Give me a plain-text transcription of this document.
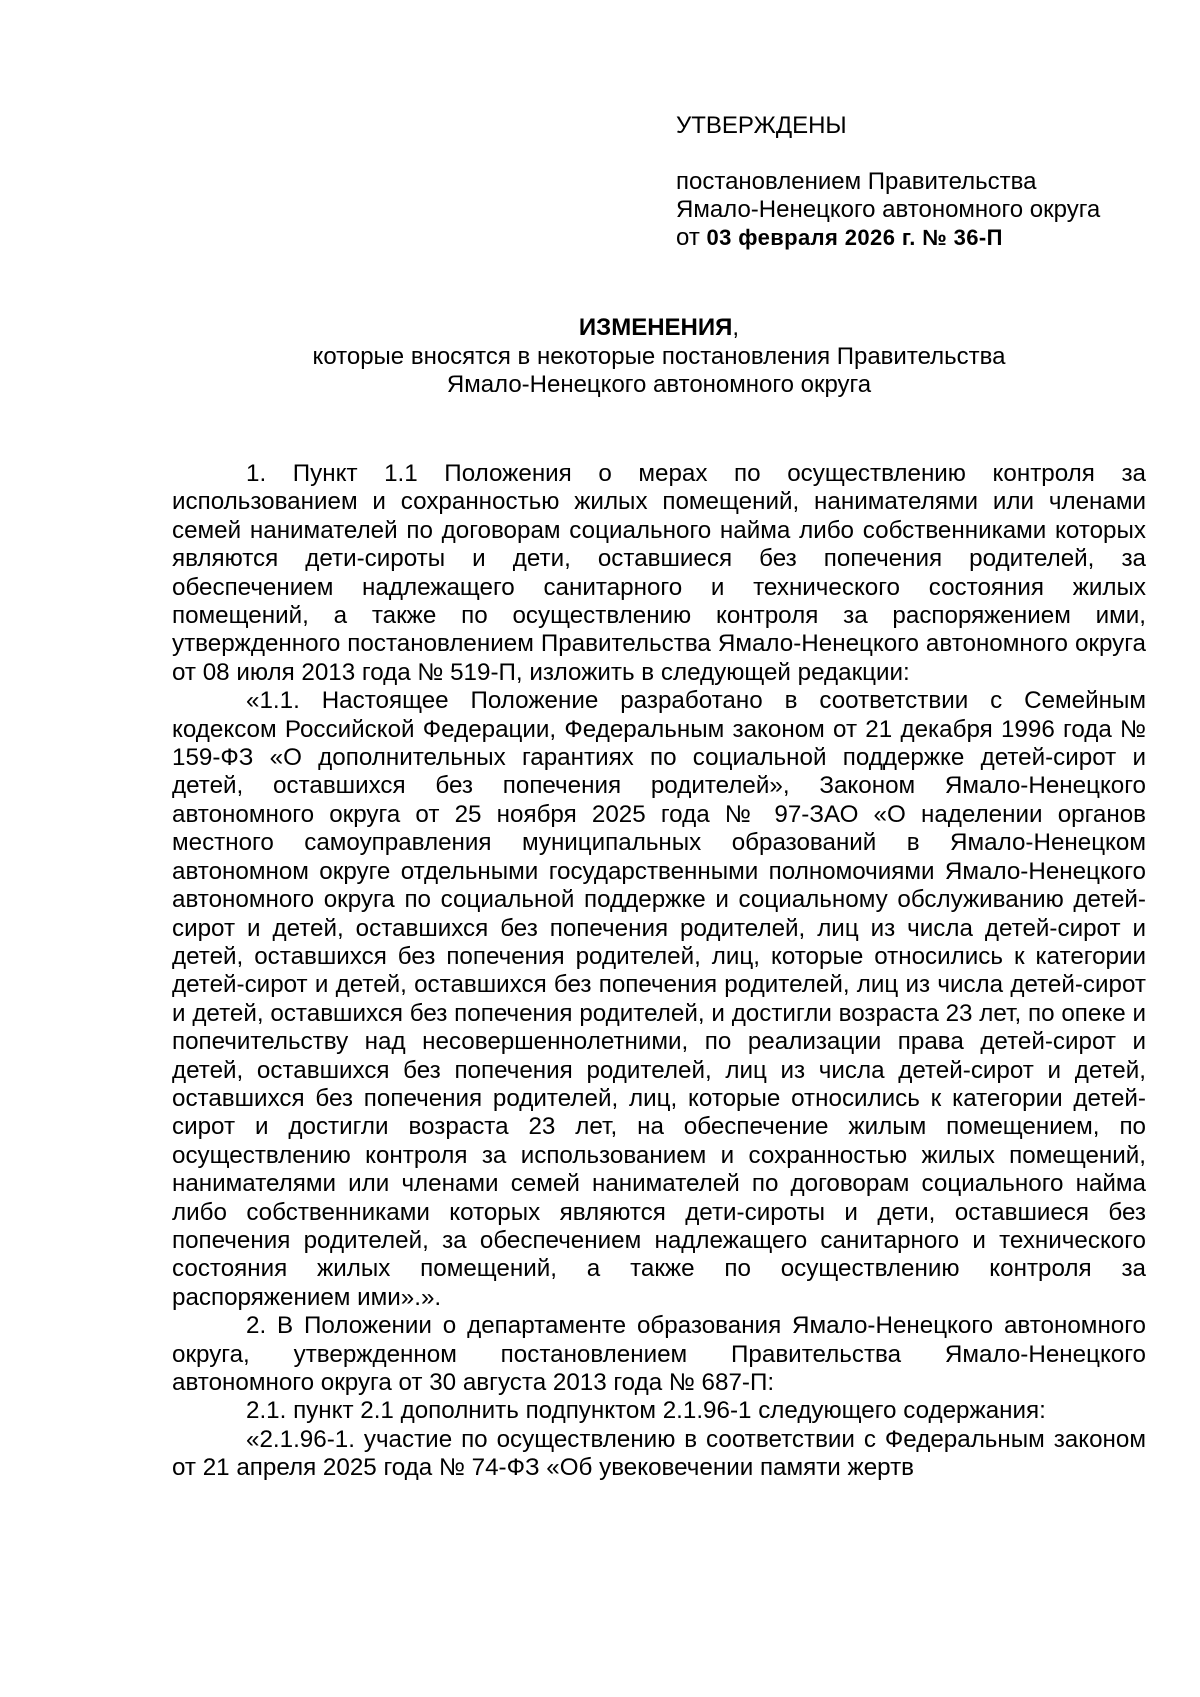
УТВЕРЖДЕНЫ
постановлением Правительства
Ямало-Ненецкого автономного округа
от 03 февраля 2026 г. № 36-П
ИЗМЕНЕНИЯ,
которые вносятся в некоторые постановления Правительства
Ямало-Ненецкого автономного округа

1. Пункт 1.1 Положения о мерах по осуществлению контроля за использованием и сохранностью жилых помещений, нанимателями или членами семей нанимателей по договорам социального найма либо собственниками которых являются дети-сироты и дети, оставшиеся без попечения родителей, за обеспечением надлежащего санитарного и технического состояния жилых помещений, а также по осуществлению контроля за распоряжением ими, утвержденного постановлением Правительства Ямало-Ненецкого автономного округа от 08 июля 2013 года № 519-П, изложить в следующей редакции:

«1.1. Настоящее Положение разработано в соответствии с Семейным кодексом Российской Федерации, Федеральным законом от 21 декабря 1996 года № 159-ФЗ «О дополнительных гарантиях по социальной поддержке детей-сирот и детей, оставшихся без попечения родителей», Законом Ямало-Ненецкого автономного округа от 25 ноября 2025 года № 97-ЗАО «О наделении органов местного самоуправления муниципальных образований в Ямало-Ненецком автономном округе отдельными государственными полномочиями Ямало-Ненецкого автономного округа по социальной поддержке и социальному обслуживанию детей-сирот и детей, оставшихся без попечения родителей, лиц из числа детей-сирот и детей, оставшихся без попечения родителей, лиц, которые относились к категории детей-сирот и детей, оставшихся без попечения родителей, лиц из числа детей-сирот и детей, оставшихся без попечения родителей, и достигли возраста 23 лет, по опеке и попечительству над несовершеннолетними, по реализации права детей-сирот и детей, оставшихся без попечения родителей, лиц из числа детей-сирот и детей, оставшихся без попечения родителей, лиц, которые относились к категории детей-сирот и достигли возраста 23 лет, на обеспечение жилым помещением, по осуществлению контроля за использованием и сохранностью жилых помещений, нанимателями или членами семей нанимателей по договорам социального найма либо собственниками которых являются дети-сироты и дети, оставшиеся без попечения родителей, за обеспечением надлежащего санитарного и технического состояния жилых помещений, а также по осуществлению контроля за распоряжением ими».».

2. В Положении о департаменте образования Ямало-Ненецкого автономного округа, утвержденном постановлением Правительства Ямало-Ненецкого автономного округа от 30 августа 2013 года № 687-П:

2.1. пункт 2.1 дополнить подпунктом 2.1.96-1 следующего содержания:

«2.1.96-1. участие по осуществлению в соответствии с Федеральным законом от 21 апреля 2025 года № 74-ФЗ «Об увековечении памяти жертв
